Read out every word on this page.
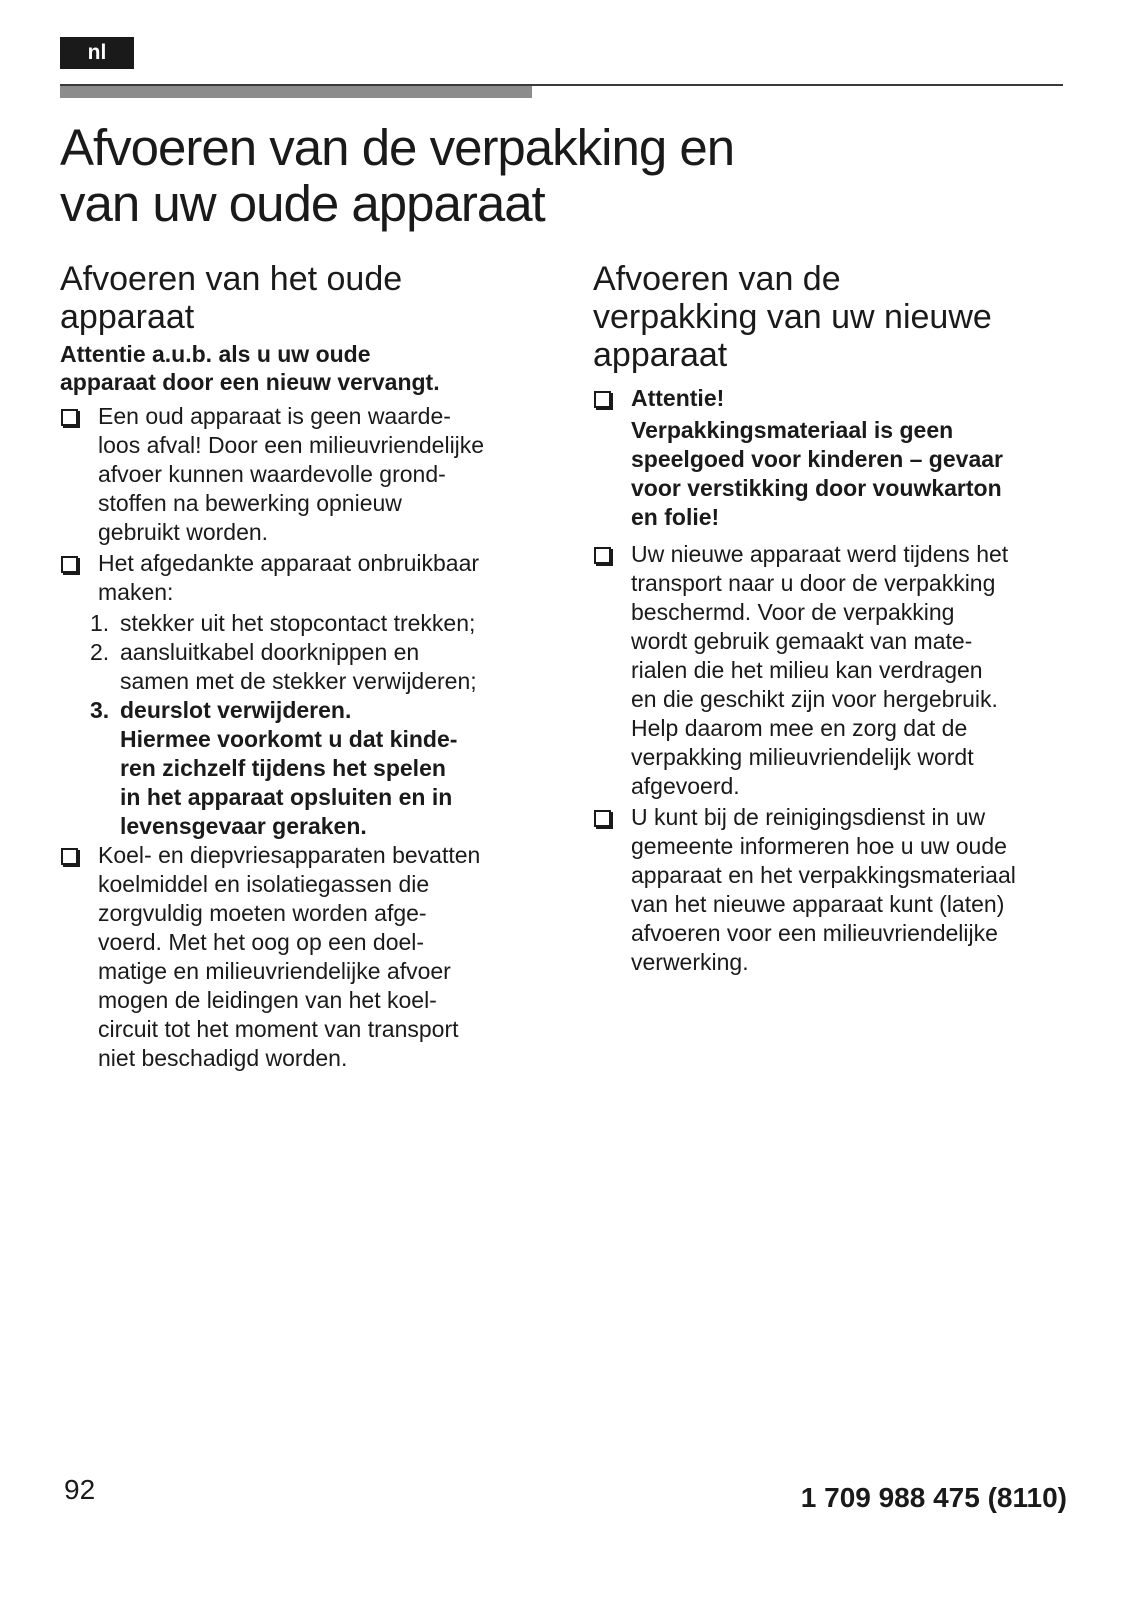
nl
Afvoeren van de verpakking en
van uw oude apparaat
Afvoeren van het oude
apparaat

Attentie a.u.b. als u uw oude
apparaat door een nieuw vervangt.

Een oud apparaat is geen waarde-
loos afval! Door een milieuvriendelijke
afvoer kunnen waardevolle grond-
stoffen na bewerking opnieuw
gebruikt worden.
Het afgedankte apparaat onbruikbaar
maken:
1. stekker uit het stopcontact trekken;
2. aansluitkabel doorknippen en
samen met de stekker verwijderen;
3. deurslot verwijderen.
Hiermee voorkomt u dat kinde-
ren zichzelf tijdens het spelen
in het apparaat opsluiten en in
levensgevaar geraken.
Koel- en diepvriesapparaten bevatten
koelmiddel en isolatiegassen die
zorgvuldig moeten worden afge-
voerd. Met het oog op een doel-
matige en milieuvriendelijke afvoer
mogen de leidingen van het koel-
circuit tot het moment van transport
niet beschadigd worden.
Afvoeren van de
verpakking van uw nieuwe
apparaat
Attentie!
Verpakkingsmateriaal is geen
speelgoed voor kinderen – gevaar
voor verstikking door vouwkarton
en folie!
Uw nieuwe apparaat werd tijdens het
transport naar u door de verpakking
beschermd. Voor de verpakking
wordt gebruik gemaakt van mate-
rialen die het milieu kan verdragen
en die geschikt zijn voor hergebruik.
Help daarom mee en zorg dat de
verpakking milieuvriendelijk wordt
afgevoerd.
U kunt bij de reinigingsdienst in uw
gemeente informeren hoe u uw oude
apparaat en het verpakkingsmateriaal
van het nieuwe apparaat kunt (laten)
afvoeren voor een milieuvriendelijke
verwerking.
92	1 709 988 475 (8110)
